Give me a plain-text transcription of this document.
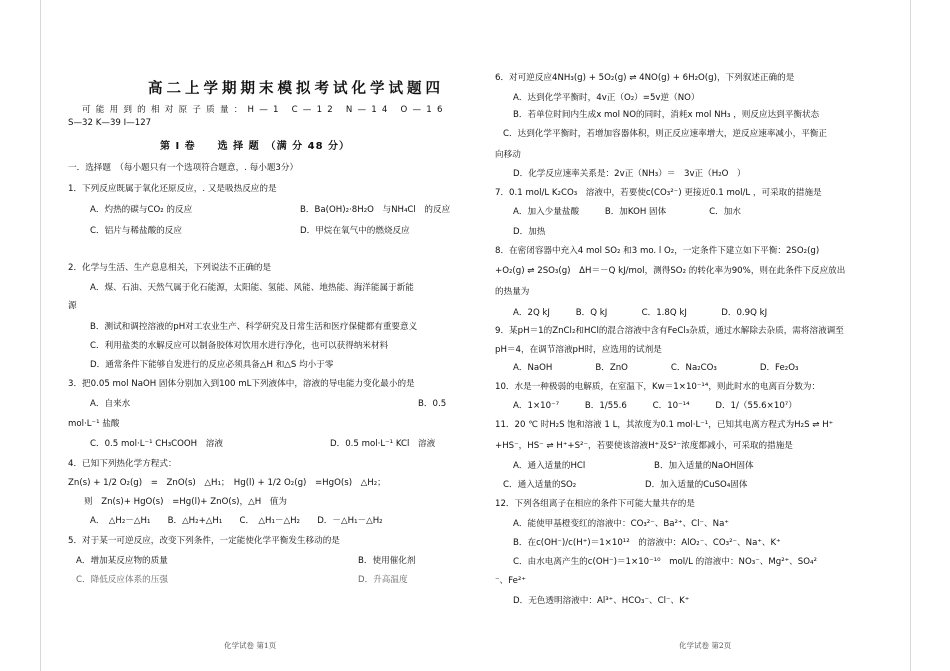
化学试卷 第1页
高二上学期期末模拟考试化学试题四
可能用到的相对原子质量：H—1 C—12 N—14 O—16
S—32 K—39 I—127
第 Ⅰ 卷　　选 择 题　（满 分 48 分）
一．选择题　（每小题只有一个选项符合题意，. 每小题3分）
1．下列反应既属于氧化还原反应，. 又是吸热反应的是
A．灼热的碳与CO₂ 的反应	B．Ba(OH)₂·8H₂O　与NH₄Cl　的反应
C．铝片与稀盐酸的反应	D．甲烷在氧气中的燃烧反应
2．化学与生活、生产息息相关，下列说法不正确的是
A．煤、石油、天然气属于化石能源，太阳能、氢能、风能、地热能、海洋能属于新能
源
B．测试和调控溶液的pH对工农业生产、科学研究及日常生活和医疗保健都有重要意义
C．利用盐类的水解反应可以制备胶体对饮用水进行净化，也可以获得纳米材料
D．通常条件下能够自发进行的反应必须具备△H 和△S 均小于零
3．把0.05 mol NaOH 固体分别加入到100 mL下列液体中，溶液的导电能力变化最小的是
A．自来水	B．0.5
mol·L⁻¹ 盐酸
C．0.5 mol·L⁻¹ CH₃COOH　溶液	D．0.5 mol·L⁻¹ KCl　溶液
4．已知下列热化学方程式：
Zn(s) + 1/2 O₂(g)　=　ZnO(s)　△H₁；　Hg(l) + 1/2 O₂(g)　=HgO(s)　△H₂；
则　Zn(s)+ HgO(s)　=Hg(l)+ ZnO(s)，△H　值为
A．　△H₂－△H₁　　B．△H₂+△H₁　　C．　△H₁－△H₂　　D．－△H₁－△H₂
5．对于某一可逆反应，改变下列条件，一定能使化学平衡发生移动的是
A．增加某反应物的质量	B．使用催化剂
C．降低反应体系的压强	D．升高温度
化学试卷 第2页
6．对可逆反应4NH₃(g) + 5O₂(g) ⇌ 4NO(g) + 6H₂O(g)，下列叙述正确的是
A．达到化学平衡时，4v正（O₂）=5v逆（NO）
B．若单位时间内生成x mol NO的同时，消耗x mol NH₃ ，则反应达到平衡状态
C．达到化学平衡时，若增加容器体积，则正反应速率增大，逆反应速率减小，平衡正
向移动
D．化学反应速率关系是：2v正（NH₃）＝　3v正（H₂O　）
7．0.1 mol/L K₂CO₃　溶液中，若要使c(CO₃²⁻) 更接近0.1 mol/L ，可采取的措施是
A．加入少量盐酸　　　B．加KOH 固体　　　　　C．加水
D．加热
8．在密闭容器中充入4 mol SO₂ 和3 mo. l O₂，一定条件下建立如下平衡：2SO₂(g)
+O₂(g) ⇌ 2SO₃(g)　ΔH＝－Q kJ/mol，测得SO₂ 的转化率为90%，则在此条件下反应放出
的热量为
A．2Q kJ　　　B．Q kJ　　　　C．1.8Q kJ　　　　D．0.9Q kJ
9．某pH＝1的ZnCl₂和HCl的混合溶液中含有FeCl₃杂质，通过水解除去杂质，需将溶液调至
pH＝4，在调节溶液pH时，应选用的试剂是
A．NaOH　　　　　B．ZnO　　　　　C．Na₂CO₃　　　　　D．Fe₂O₃
10．水是一种极弱的电解质，在室温下，Kw＝1×10⁻¹⁴，则此时水的电离百分数为：
A．1×10⁻⁷　　　B．1/55.6　　　C．10⁻¹⁴　　　D．1/（55.6×10⁷）
11．20 ℃ 时H₂S 饱和溶液 1 L，其浓度为0.1 mol·L⁻¹，已知其电离方程式为H₂S ⇌ H⁺
+HS⁻，HS⁻ ⇌ H⁺+S²⁻，若要使该溶液H⁺及S²⁻浓度都减小，可采取的措施是
A．通入适量的HCl　　　　　　　　B．加入适量的NaOH固体
C．通入适量的SO₂　　　　　　　　D．加入适量的CuSO₄固体
12．下列各组离子在相应的条件下可能大量共存的是
A．能使甲基橙变红的溶液中：CO₃²⁻、Ba²⁺、Cl⁻、Na⁺
B．在c(OH⁻)/c(H⁺)＝1×10¹²　的溶液中：AlO₂⁻、CO₃²⁻、Na⁺、K⁺
C．由水电离产生的c(OH⁻)＝1×10⁻¹⁰　mol/L 的溶液中：NO₃⁻、Mg²⁺、SO₄²
⁻、Fe²⁺
D．无色透明溶液中：Al³⁺、HCO₃⁻、Cl⁻、K⁺
